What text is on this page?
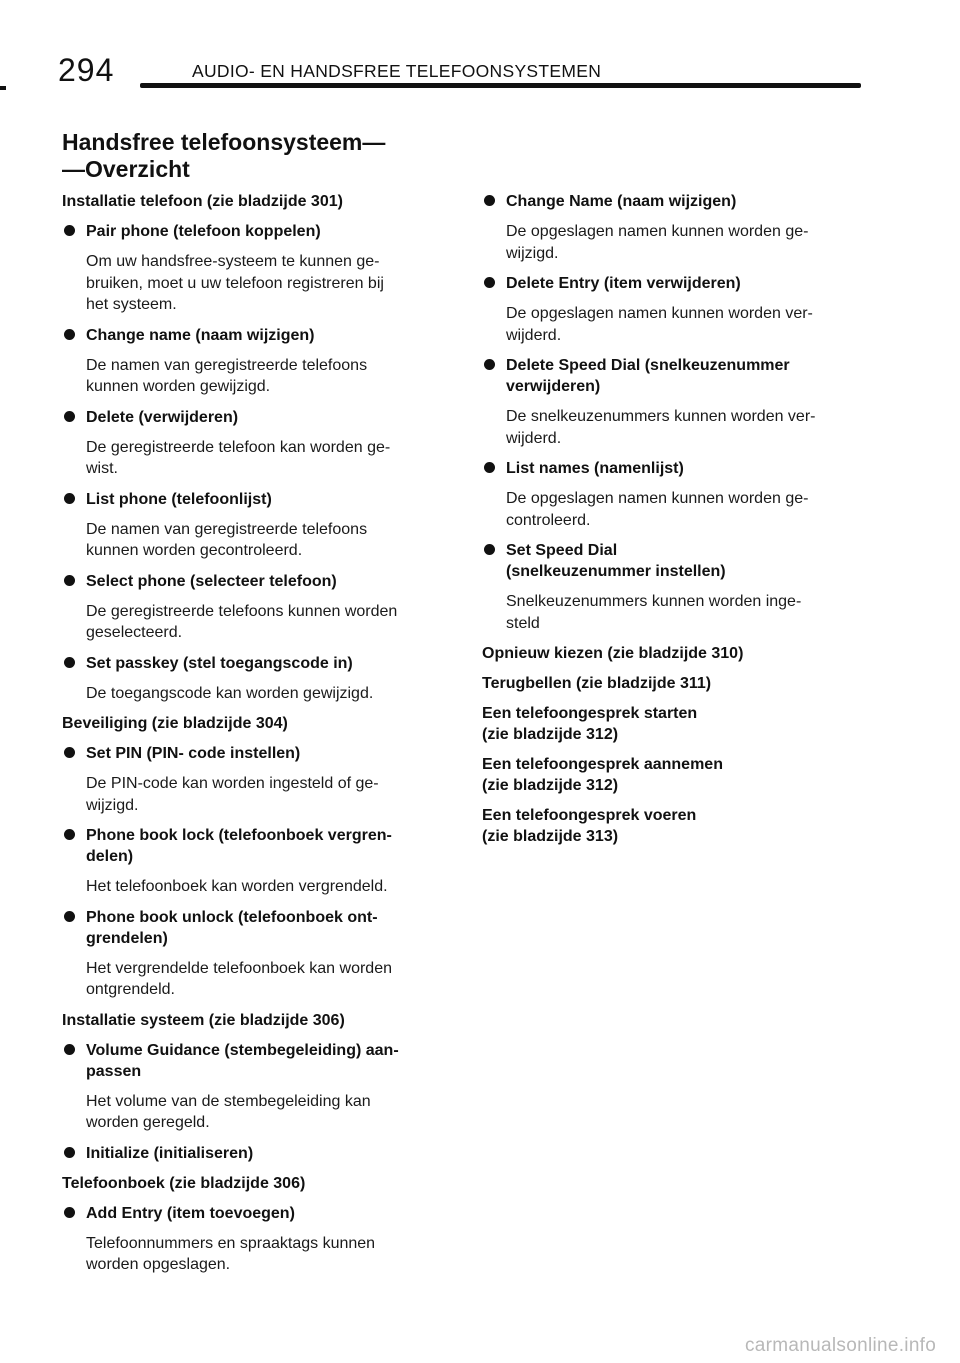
294	AUDIO- EN HANDSFREE TELEFOONSYSTEMEN
Handsfree telefoonsysteem—
—Overzicht
Installatie telefoon (zie bladzijde 301)
Pair phone (telefoon koppelen)
Om uw handsfree-systeem te kunnen ge-
bruiken, moet u uw telefoon registreren bij
het systeem.
Change name (naam wijzigen)
De namen van geregistreerde telefoons
kunnen worden gewijzigd.
Delete (verwijderen)
De geregistreerde telefoon kan worden ge-
wist.
List phone (telefoonlijst)
De namen van geregistreerde telefoons
kunnen worden gecontroleerd.
Select phone (selecteer telefoon)
De geregistreerde telefoons kunnen worden
geselecteerd.
Set passkey (stel toegangscode in)
De toegangscode kan worden gewijzigd.
Beveiliging (zie bladzijde 304)
Set PIN (PIN- code instellen)
De PIN-code kan worden ingesteld of ge-
wijzigd.
Phone book lock (telefoonboek vergren-
delen)
Het telefoonboek kan worden vergrendeld.
Phone book unlock (telefoonboek ont-
grendelen)
Het vergrendelde telefoonboek kan worden
ontgrendeld.
Installatie systeem (zie bladzijde 306)
Volume Guidance (stembegeleiding) aan-
passen
Het volume van de stembegeleiding kan
worden geregeld.
Initialize (initialiseren)
Telefoonboek (zie bladzijde 306)
Add Entry (item toevoegen)
Telefoonnummers en spraaktags kunnen
worden opgeslagen.
Change Name (naam wijzigen)
De opgeslagen namen kunnen worden ge-
wijzigd.
Delete Entry (item verwijderen)
De opgeslagen namen kunnen worden ver-
wijderd.
Delete Speed Dial (snelkeuzenummer
verwijderen)
De snelkeuzenummers kunnen worden ver-
wijderd.
List names (namenlijst)
De opgeslagen namen kunnen worden ge-
controleerd.
Set Speed Dial
(snelkeuzenummer instellen)
Snelkeuzenummers kunnen worden inge-
steld
Opnieuw kiezen (zie bladzijde 310)
Terugbellen (zie bladzijde 311)
Een telefoongesprek starten
(zie bladzijde 312)
Een telefoongesprek aannemen
(zie bladzijde 312)
Een telefoongesprek voeren
(zie bladzijde 313)
carmanualsonline.info
